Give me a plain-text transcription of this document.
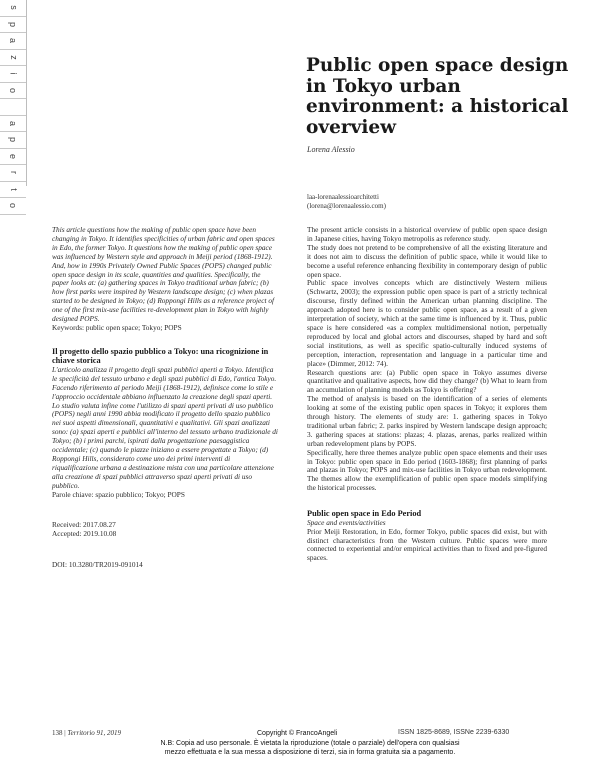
s
p
a
z
i
o
a
p
e
r
t
o
Public open space design in Tokyo urban environment: a historical overview
Lorena Alessio
laa-lorenaalessioarchitetti
(lorena@lorenaalessio.com)

This article questions how the making of public open space have been changing in Tokyo. It identifies specificities of urban fabric and open spaces in Edo, the former Tokyo. It questions how the making of public open space was influenced by Western style and approach in Meiji period (1868-1912). And, how in 1990s Privately Owned Public Spaces (POPS) changed public open space design in its scale, quantities and qualities. Specifically, the paper looks at: (a) gathering spaces in Tokyo traditional urban fabric; (b) how first parks were inspired by Western landscape design; (c) when plazas started to be designed in Tokyo; (d) Roppongi Hills as a reference project of one of the first mix-use facilities re-development plan in Tokyo with highly designed POPS.

Keywords: public open space; Tokyo; POPS

Il progetto dello spazio pubblico a Tokyo: una ricognizione in chiave storica

L'articolo analizza il progetto degli spazi pubblici aperti a Tokyo. Identifica le specificità del tessuto urbano e degli spazi pubblici di Edo, l'antica Tokyo. Facendo riferimento al periodo Meiji (1868-1912), definisce come lo stile e l'approccio occidentale abbiano influenzato la creazione degli spazi aperti. Lo studio valuta infine come l'utilizzo di spazi aperti privati di uso pubblico (POPS) negli anni 1990 abbia modificato il progetto dello spazio pubblico nei suoi aspetti dimensionali, quantitativi e qualitativi. Gli spazi analizzati sono: (a) spazi aperti e pubblici all'interno del tessuto urbano tradizionale di Tokyo; (b) i primi parchi, ispirati dalla progettazione paesaggistica occidentale; (c) quando le piazze iniziano a essere progettate a Tokyo; (d) Roppongi Hills, considerato come uno dei primi interventi di riqualificazione urbana a destinazione mista con una particolare attenzione alla creazione di spazi pubblici attraverso spazi aperti privati di uso pubblico.

Parole chiave: spazio pubblico; Tokyo; POPS

Received: 2017.08.27
Accepted: 2019.10.08
DOI: 10.3280/TR2019-091014

The present article consists in a historical overview of public open space design in Japanese cities, having Tokyo metropolis as reference study.

The study does not pretend to be comprehensive of all the existing literature and it does not aim to discuss the definition of public space, while it would like to become a useful reference enhancing flexibility in contemporary design of public open space.

Public space involves concepts which are distinctively Western milieus (Schwartz, 2003); the expression public open space is part of a strictly technical discourse, firstly defined within the American urban planning discipline. The approach adopted here is to consider public open space, as a result of a given interpretation of society, which at the same time is influenced by it. Thus, public space is here considered «as a complex multidimensional notion, perpetually reproduced by local and global actors and discourses, shaped by hard and soft social institutions, as well as specific spatio-culturally induced systems of perception, interaction, representation and language in a particular time and place» (Dimmer, 2012: 74).

Research questions are: (a) Public open space in Tokyo assumes diverse quantitative and qualitative aspects, how did they change? (b) What to learn from an accumulation of planning models as Tokyo is offering?

The method of analysis is based on the identification of a series of elements looking at some of the existing public open spaces in Tokyo; it explores them through history. The elements of study are: 1. gathering spaces in Tokyo traditional urban fabric; 2. parks inspired by Western landscape design approach; 3. gathering spaces at stations: plazas; 4. plazas, arenas, parks realized within urban redevelopment plans by POPS.

Specifically, here three themes analyze public open space elements and their uses in Tokyo: public open space in Edo period (1603-1868); first planning of parks and plazas in Tokyo; POPS and mix-use facilities in Tokyo urban redevelopment. The themes allow the exemplification of public open space models simplifying the historical processes.

Public open space in Edo Period
Space and events/activities

Prior Meiji Restoration, in Edo, former Tokyo, public spaces did exist, but with distinct characteristics from the Western culture. Public spaces were more connected to experiential and/or empirical activities than to fixed and pre-figured spaces.

138 | Territorio 91, 2019	Copyright © FrancoAngeli	ISSN 1825-8689, ISSNe 2239-6330
N.B: Copia ad uso personale. È vietata la riproduzione (totale o parziale) dell'opera con qualsiasi
mezzo effettuata e la sua messa a disposizione di terzi, sia in forma gratuita sia a pagamento.
